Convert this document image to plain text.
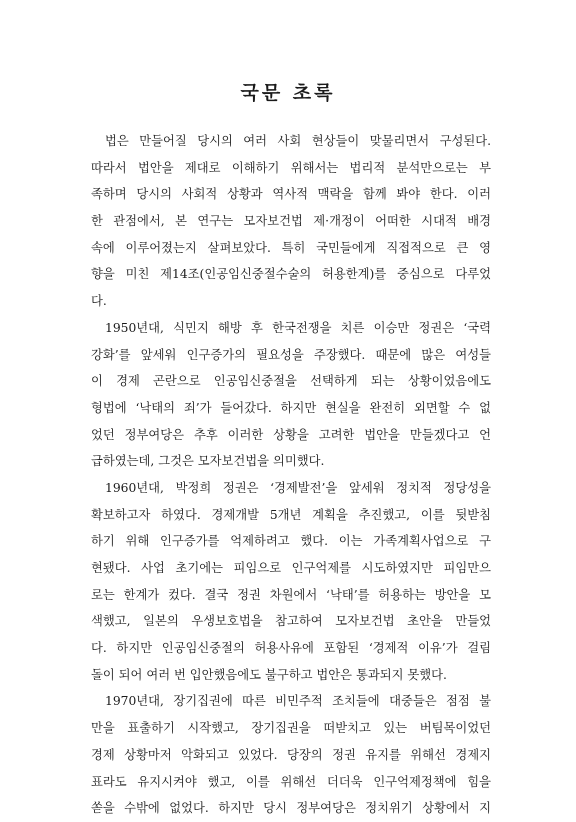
국문 초록
법은 만들어질 당시의 여러 사회 현상들이 맞물리면서 구성된다.
따라서 법안을 제대로 이해하기 위해서는 법리적 분석만으로는 부
족하며 당시의 사회적 상황과 역사적 맥락을 함께 봐야 한다. 이러
한 관점에서, 본 연구는 모자보건법 제·개정이 어떠한 시대적 배경
속에 이루어졌는지 살펴보았다. 특히 국민들에게 직접적으로 큰 영
향을 미친 제14조(인공임신중절수술의 허용한계)를 중심으로 다루었
다.
1950년대, 식민지 해방 후 한국전쟁을 치른 이승만 정권은 ‘국력
강화’를 앞세워 인구증가의 필요성을 주장했다. 때문에 많은 여성들
이 경제 곤란으로 인공임신중절을 선택하게 되는 상황이었음에도
형법에 ‘낙태의 죄’가 들어갔다. 하지만 현실을 완전히 외면할 수 없
었던 정부여당은 추후 이러한 상황을 고려한 법안을 만들겠다고 언
급하였는데, 그것은 모자보건법을 의미했다.
1960년대, 박정희 정권은 ‘경제발전’을 앞세워 정치적 정당성을
확보하고자 하였다. 경제개발 5개년 계획을 추진했고, 이를 뒷받침
하기 위해 인구증가를 억제하려고 했다. 이는 가족계획사업으로 구
현됐다. 사업 초기에는 피임으로 인구억제를 시도하였지만 피임만으
로는 한계가 컸다. 결국 정권 차원에서 ‘낙태’를 허용하는 방안을 모
색했고, 일본의 우생보호법을 참고하여 모자보건법 초안을 만들었
다. 하지만 인공임신중절의 허용사유에 포함된 ‘경제적 이유’가 걸림
돌이 되어 여러 번 입안했음에도 불구하고 법안은 통과되지 못했다.
1970년대, 장기집권에 따른 비민주적 조치들에 대중들은 점점 불
만을 표출하기 시작했고, 장기집권을 떠받치고 있는 버팀목이었던
경제 상황마저 악화되고 있었다. 당장의 정권 유지를 위해선 경제지
표라도 유지시켜야 했고, 이를 위해선 더더욱 인구억제정책에 힘을
쏟을 수밖에 없었다. 하지만 당시 정부여당은 정치위기 상황에서 지
